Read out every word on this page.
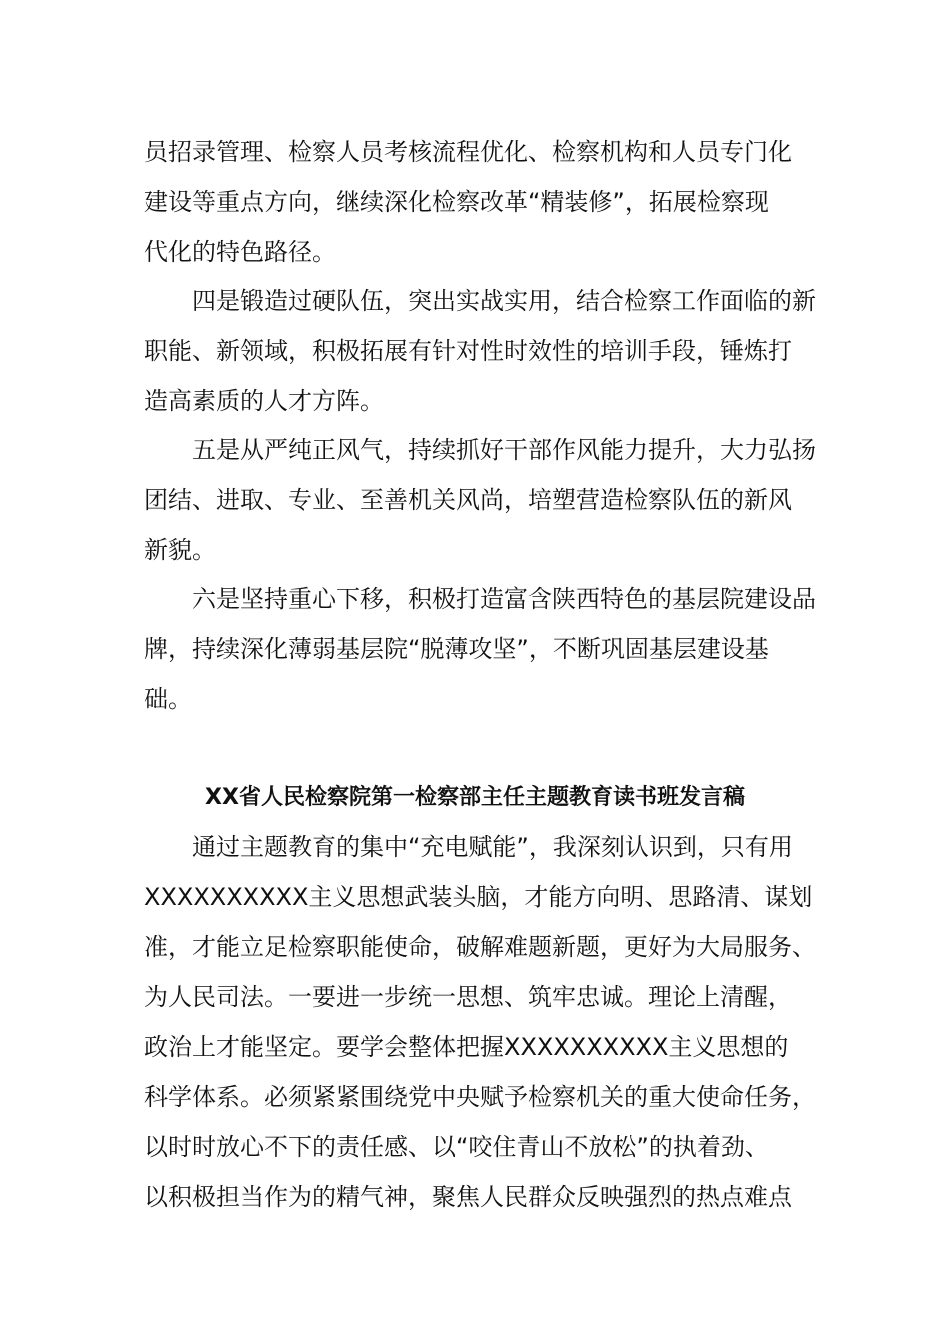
员招录管理、检察人员考核流程优化、检察机构和人员专门化
建设等重点方向，继续深化检察改革“精装修”，拓展检察现
代化的特色路径。
　　四是锻造过硬队伍，突出实战实用，结合检察工作面临的新
职能、新领域，积极拓展有针对性时效性的培训手段，锤炼打
造高素质的人才方阵。
　　五是从严纯正风气，持续抓好干部作风能力提升，大力弘扬
团结、进取、专业、至善机关风尚，培塑营造检察队伍的新风
新貌。
　　六是坚持重心下移，积极打造富含陕西特色的基层院建设品
牌，持续深化薄弱基层院“脱薄攻坚”，不断巩固基层建设基
础。
XX省人民检察院第一检察部主任主题教育读书班发言稿
　　通过主题教育的集中“充电赋能”，我深刻认识到，只有用
XXXXXXXXXX主义思想武装头脑，才能方向明、思路清、谋划
准，才能立足检察职能使命，破解难题新题，更好为大局服务、
为人民司法。一要进一步统一思想、筑牢忠诚。理论上清醒，
政治上才能坚定。要学会整体把握XXXXXXXXXX主义思想的
科学体系。必须紧紧围绕党中央赋予检察机关的重大使命任务，
以时时放心不下的责任感、以“咬住青山不放松”的执着劲、
以积极担当作为的精气神，聚焦人民群众反映强烈的热点难点
